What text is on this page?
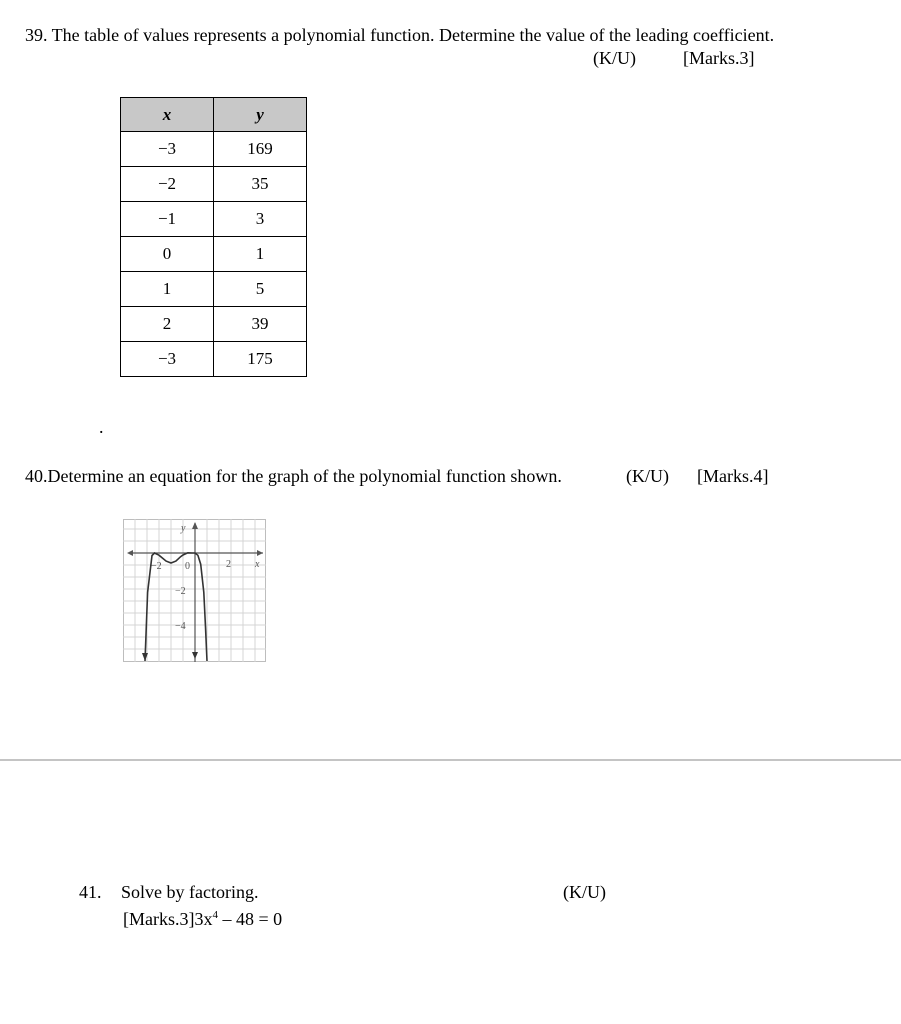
39. The table of values represents a polynomial function. Determine the value of the leading coefficient.
(K/U)	[Marks.3]
x	y
−3	169
−2	35
−1	3
0	1
1	5
2	39
−3	175
.
40.Determine an equation for the graph of the polynomial function shown.	(K/U) [Marks.4]
y
x
2
−2 0
−2
−4
41. Solve by factoring.	(K/U)
$[Marks.3]3x^4 - 48 = 0$
